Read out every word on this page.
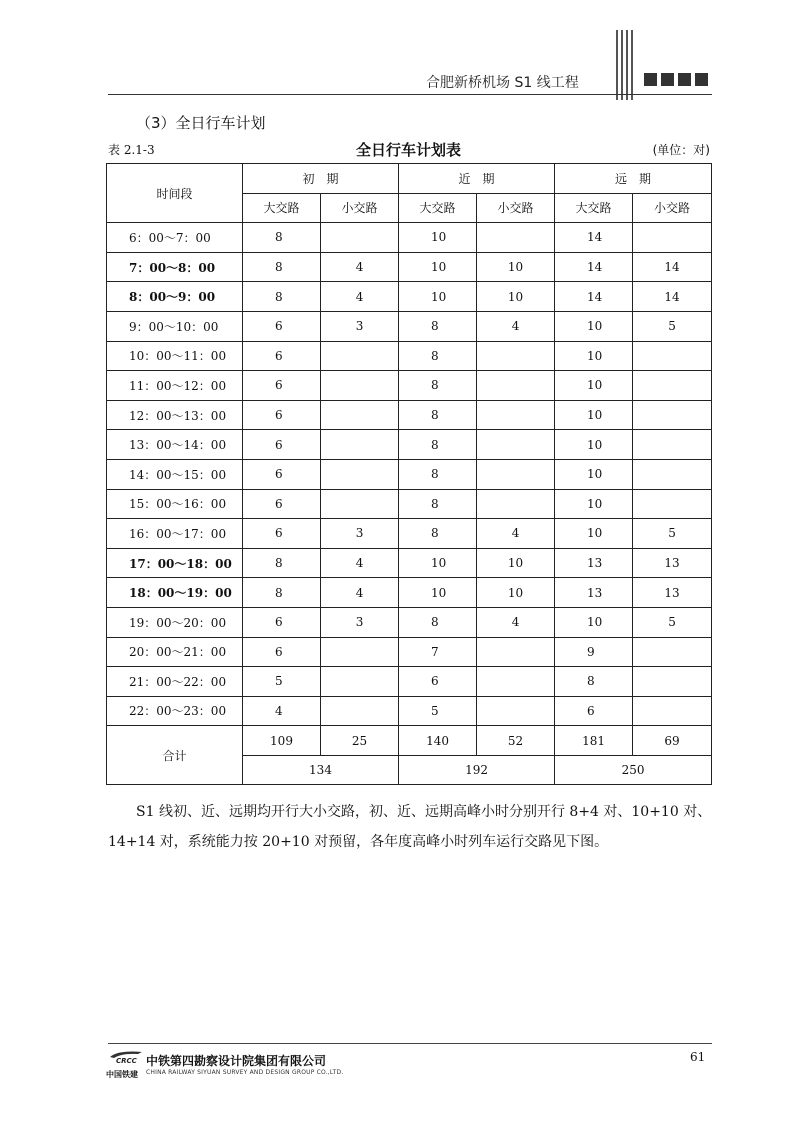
合肥新桥机场 S1 线工程
（3）全日行车计划
表 2.1-3	全日行车计划表	(单位：对)
时间段	初　期		近　期		远　期	
	大交路	小交路	大交路	小交路	大交路	小交路
6：00～7：00	8		10		14	
7：00～8：00	8	4	10	10	14	14
8：00～9：00	8	4	10	10	14	14
9：00～10：00	6	3	8	4	10	5
10：00～11：00	6		8		10	
11：00～12：00	6		8		10	
12：00～13：00	6		8		10	
13：00～14：00	6		8		10	
14：00～15：00	6		8		10	
15：00～16：00	6		8		10	
16：00～17：00	6	3	8	4	10	5
17：00～18：00	8	4	10	10	13	13
18：00～19：00	8	4	10	10	13	13
19：00～20：00	6	3	8	4	10	5
20：00～21：00	6		7		9	
21：00～22：00	5		6		8	
22：00～23：00	4		5		6	
合计	109	25	140	52	181	69
	134		192		250	

S1 线初、近、远期均开行大小交路，初、近、远期高峰小时分别开行 8+4 对、10+10 对、14+14 对，系统能力按 20+10 对预留，各年度高峰小时列车运行交路见下图。

CRCC
中国铁建
中铁第四勘察设计院集团有限公司
CHINA RAILWAY SIYUAN SURVEY AND DESIGN GROUP CO.,LTD.
61
